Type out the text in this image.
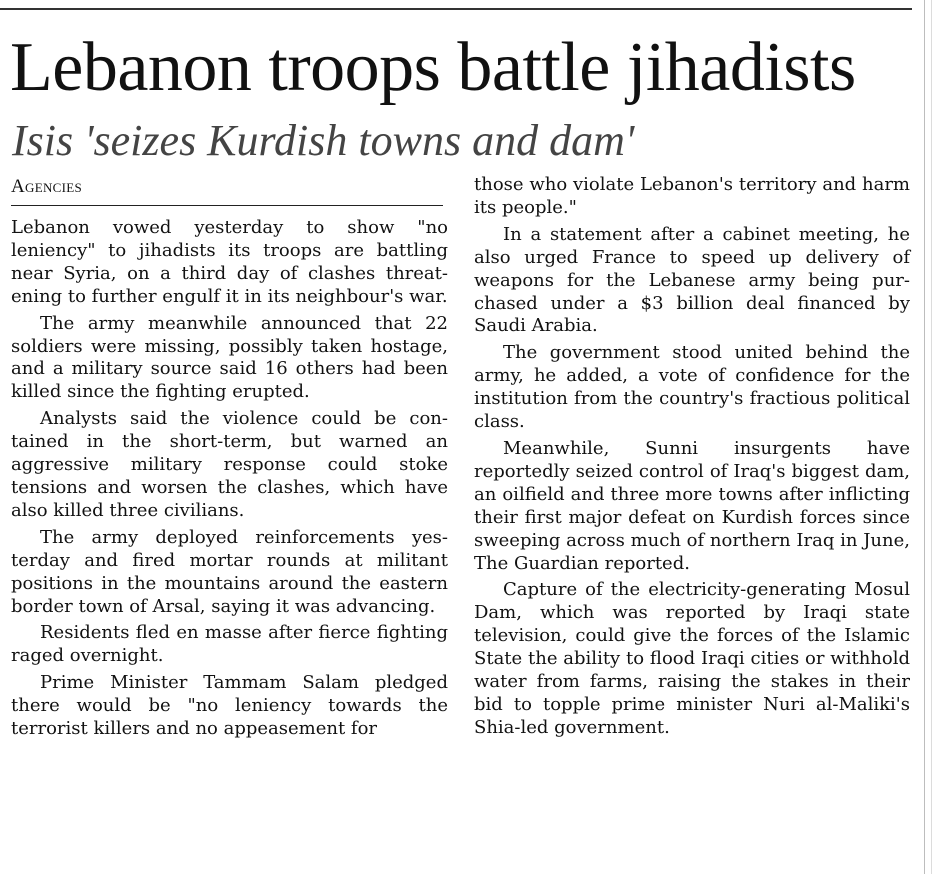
Lebanon troops battle jihadists
Isis 'seizes Kurdish towns and dam'
Agencies

Lebanon vowed yesterday to show "no leniency" to jihadists its troops are battling near Syria, on a third day of clashes threatening to further engulf it in its neighbour's war.

The army meanwhile announced that 22 soldiers were missing, possibly taken hostage, and a military source said 16 others had been killed since the fighting erupted.

Analysts said the violence could be contained in the short-term, but warned an aggressive military response could stoke tensions and worsen the clashes, which have also killed three civilians.

The army deployed reinforcements yesterday and fired mortar rounds at militant positions in the mountains around the eastern border town of Arsal, saying it was advancing.

Residents fled en masse after fierce fighting raged overnight.

Prime Minister Tammam Salam pledged there would be "no leniency towards the terrorist killers and no appeasement for

those who violate Lebanon's territory and harm its people."

In a statement after a cabinet meeting, he also urged France to speed up delivery of weapons for the Lebanese army being purchased under a $3 billion deal financed by Saudi Arabia.

The government stood united behind the army, he added, a vote of confidence for the institution from the country's fractious political class.

Meanwhile, Sunni insurgents have reportedly seized control of Iraq's biggest dam, an oilfield and three more towns after inflicting their first major defeat on Kurdish forces since sweeping across much of northern Iraq in June, The Guardian reported.

Capture of the electricity-generating Mosul Dam, which was reported by Iraqi state television, could give the forces of the Islamic State the ability to flood Iraqi cities or withhold water from farms, raising the stakes in their bid to topple prime minister Nuri al-Maliki's Shia-led government.
